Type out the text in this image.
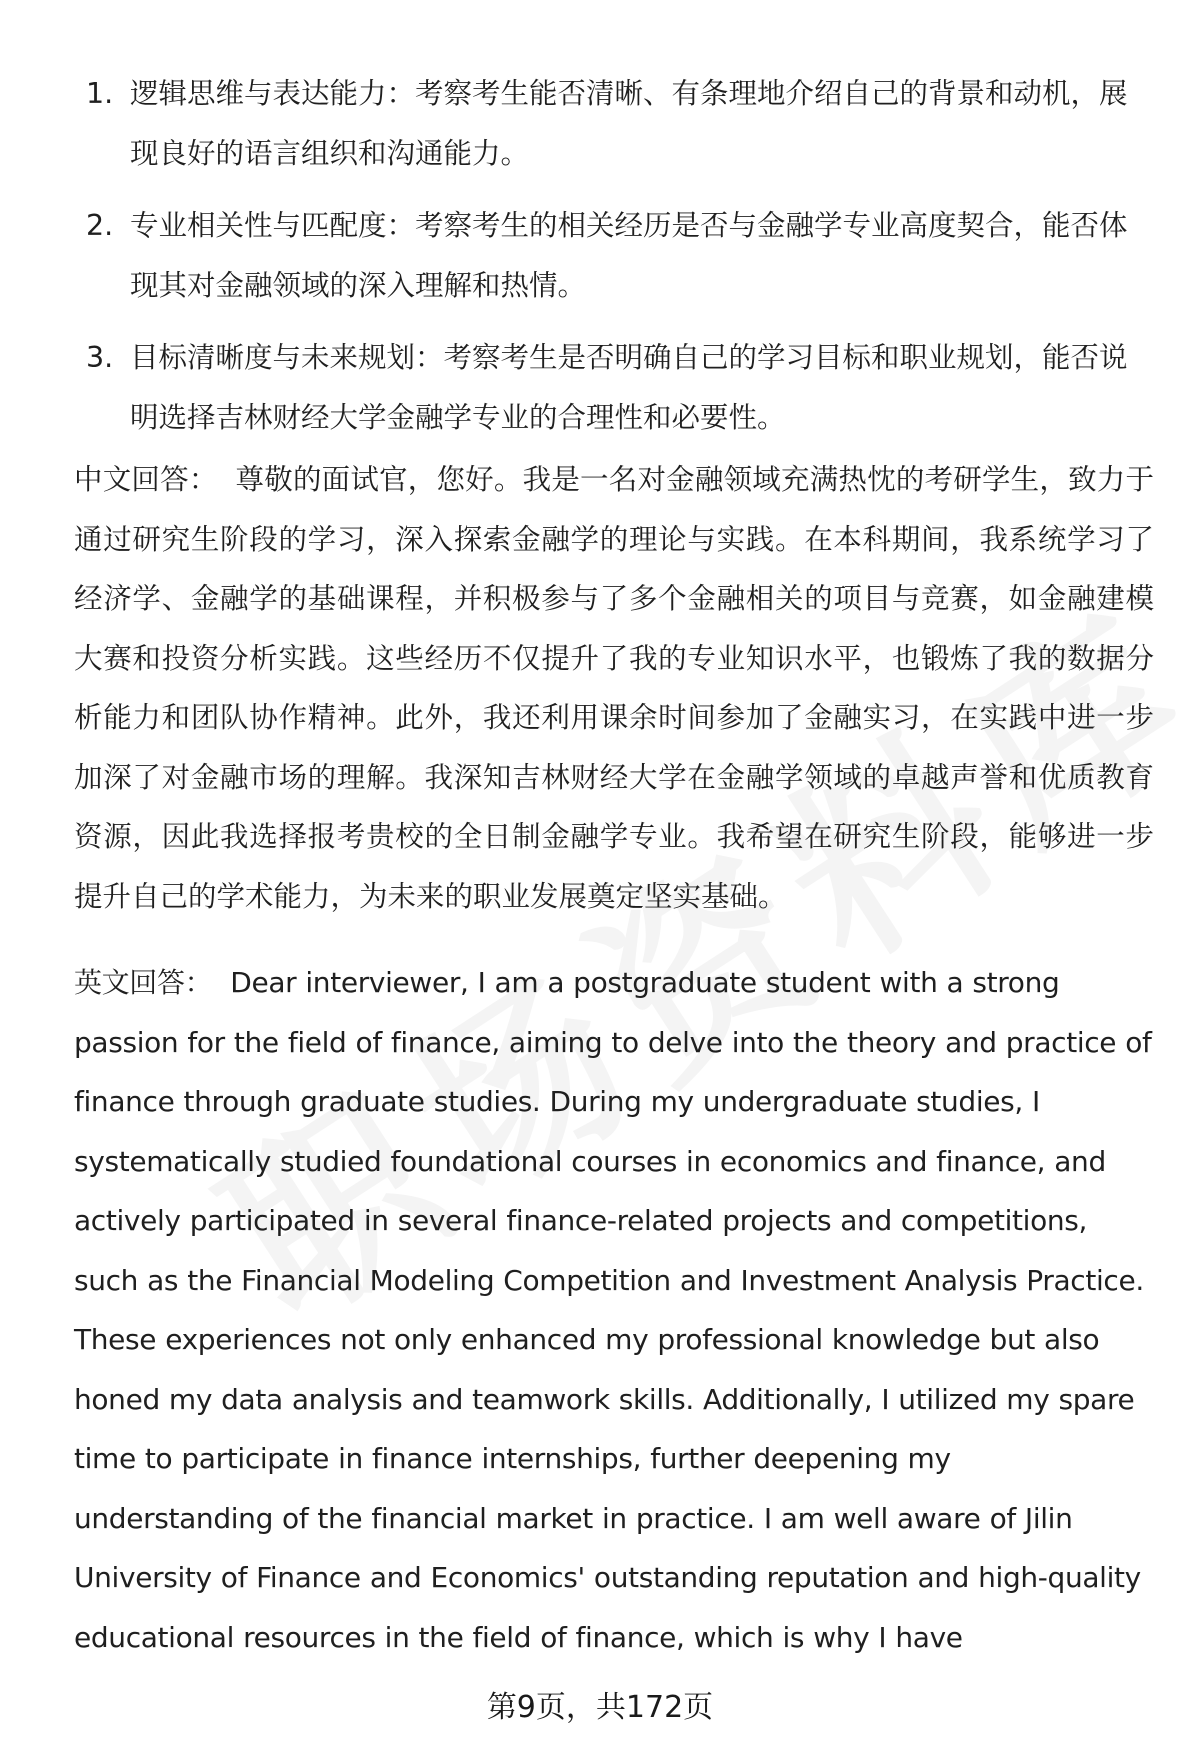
1. 逻辑思维与表达能力：考察考生能否清晰、有条理地介绍自己的背景和动机，展现良好的语言组织和沟通能力。
2. 专业相关性与匹配度：考察考生的相关经历是否与金融学专业高度契合，能否体现其对金融领域的深入理解和热情。
3. 目标清晰度与未来规划：考察考生是否明确自己的学习目标和职业规划，能否说明选择吉林财经大学金融学专业的合理性和必要性。

中文回答： 尊敬的面试官，您好。我是一名对金融领域充满热忱的考研学生，致力于通过研究生阶段的学习，深入探索金融学的理论与实践。在本科期间，我系统学习了经济学、金融学的基础课程，并积极参与了多个金融相关的项目与竞赛，如金融建模大赛和投资分析实践。这些经历不仅提升了我的专业知识水平，也锻炼了我的数据分析能力和团队协作精神。此外，我还利用课余时间参加了金融实习，在实践中进一步加深了对金融市场的理解。我深知吉林财经大学在金融学领域的卓越声誉和优质教育资源，因此我选择报考贵校的全日制金融学专业。我希望在研究生阶段，能够进一步提升自己的学术能力，为未来的职业发展奠定坚实基础。

英文回答： Dear interviewer, I am a postgraduate student with a strong passion for the field of finance, aiming to delve into the theory and practice of finance through graduate studies. During my undergraduate studies, I systematically studied foundational courses in economics and finance, and actively participated in several finance-related projects and competitions, such as the Financial Modeling Competition and Investment Analysis Practice. These experiences not only enhanced my professional knowledge but also honed my data analysis and teamwork skills. Additionally, I utilized my spare time to participate in finance internships, further deepening my understanding of the financial market in practice. I am well aware of Jilin University of Finance and Economics' outstanding reputation and high-quality educational resources in the field of finance, which is why I have

第9页，共172页
